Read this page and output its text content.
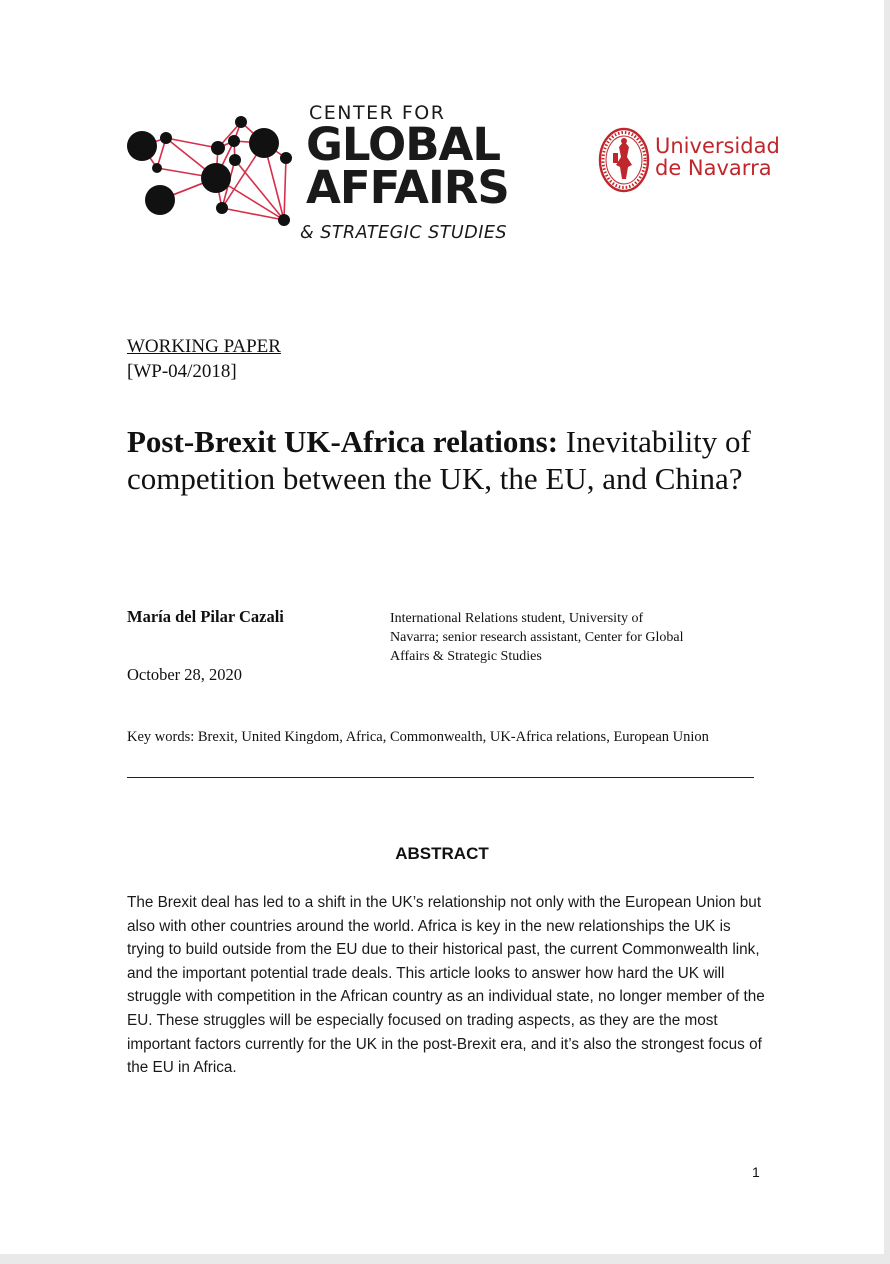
CENTER FOR
GLOBAL
AFFAIRS
& STRATEGIC STUDIES
Universidad
de Navarra
WORKING PAPER
[WP-04/2018]
Post-Brexit UK-Africa relations: Inevitability of competition between the UK, the EU, and China?
María del Pilar Cazali	International Relations student, University of Navarra; senior research assistant, Center for Global Affairs & Strategic Studies
October 28, 2020
Key words: Brexit, United Kingdom, Africa, Commonwealth, UK-Africa relations, European Union
ABSTRACT
The Brexit deal has led to a shift in the UK’s relationship not only with the European Union but also with other countries around the world. Africa is key in the new relationships the UK is trying to build outside from the EU due to their historical past, the current Commonwealth link, and the important potential trade deals. This article looks to answer how hard the UK will struggle with competition in the African country as an individual state, no longer member of the EU. These struggles will be especially focused on trading aspects, as they are the most important factors currently for the UK in the post-Brexit era, and it’s also the strongest focus of the EU in Africa.
1
